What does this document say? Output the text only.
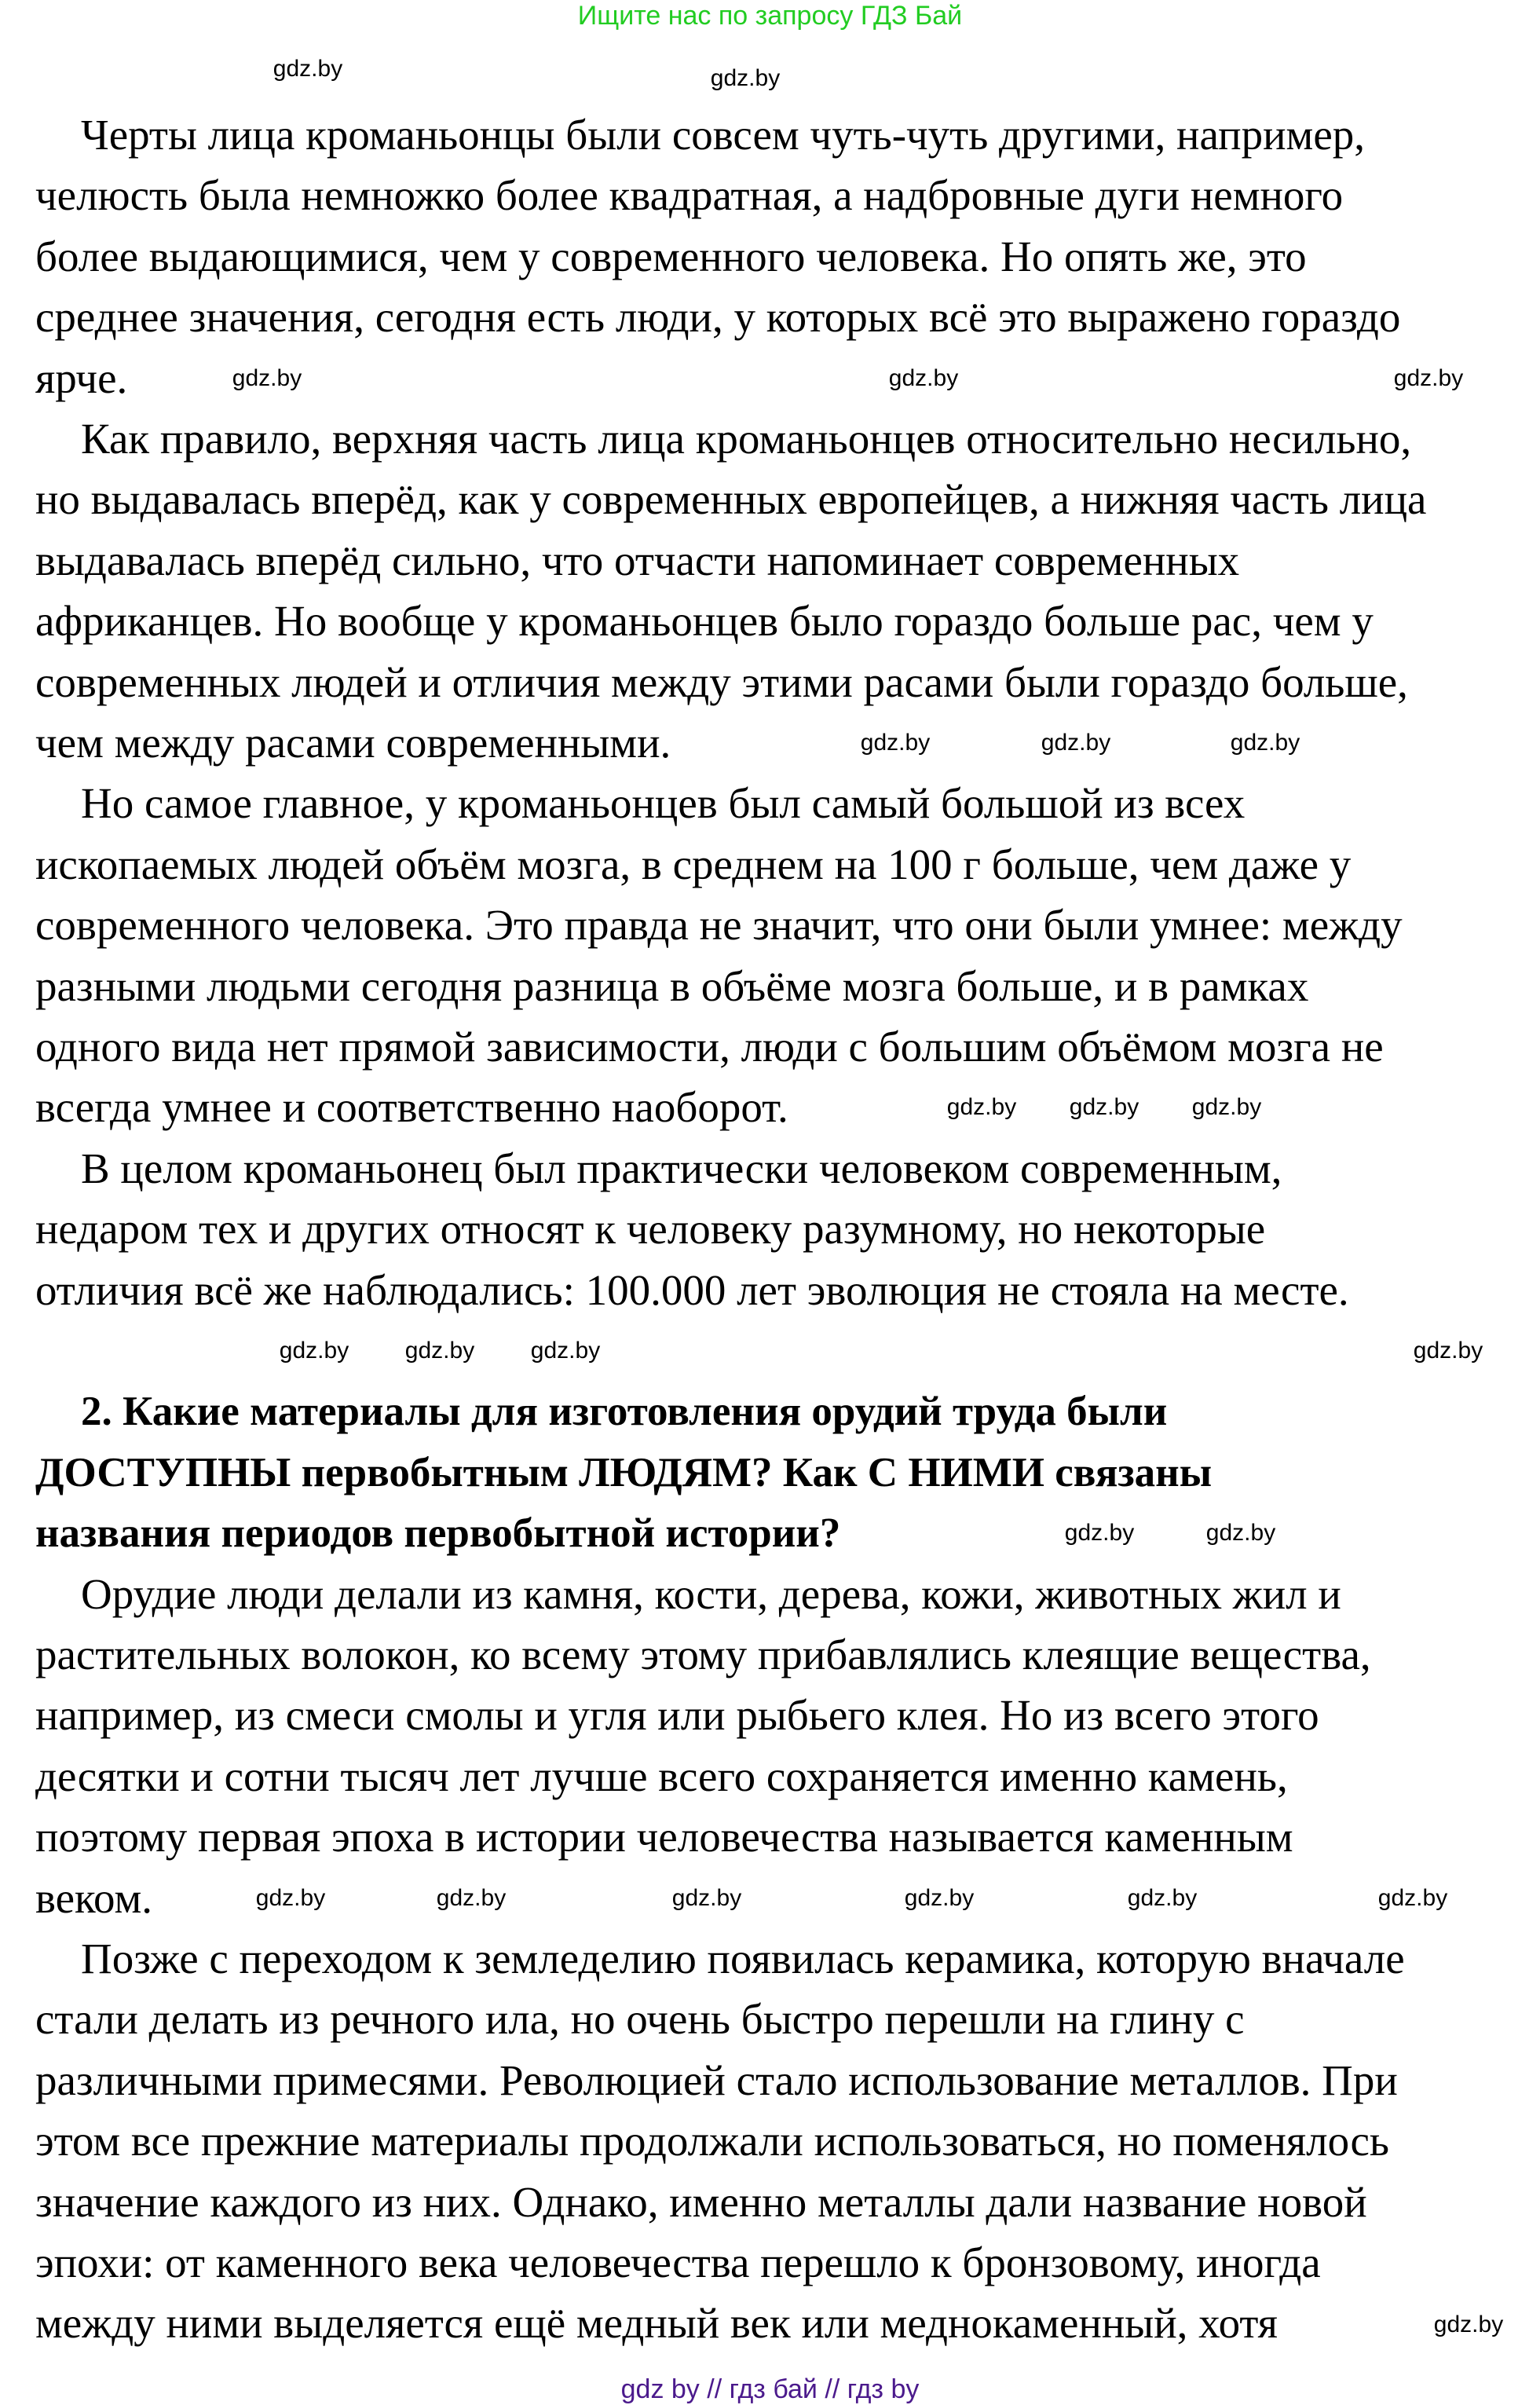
Ищите нас по запросу ГДЗ Бай
Черты лица кроманьонцы были совсем чуть-чуть другими, например,
челюсть была немножко более квадратная, а надбровные дуги немного
более выдающимися, чем у современного человека. Но опять же, это
среднее значения, сегодня есть люди, у которых всё это выражено гораздо
ярче.
Как правило, верхняя часть лица кроманьонцев относительно несильно,
но выдавалась вперёд, как у современных европейцев, а нижняя часть лица
выдавалась вперёд сильно, что отчасти напоминает современных
африканцев. Но вообще у кроманьонцев было гораздо больше рас, чем у
современных людей и отличия между этими расами были гораздо больше,
чем между расами современными.
Но самое главное, у кроманьонцев был самый большой из всех
ископаемых людей объём мозга, в среднем на 100 г больше, чем даже у
современного человека. Это правда не значит, что они были умнее: между
разными людьми сегодня разница в объёме мозга больше, и в рамках
одного вида нет прямой зависимости, люди с большим объёмом мозга не
всегда умнее и соответственно наоборот.
В целом кроманьонец был практически человеком современным,
недаром тех и других относят к человеку разумному, но некоторые
отличия всё же наблюдались: 100.000 лет эволюция не стояла на месте.
2. Какие материалы для изготовления орудий труда были
ДОСТУПНЫ первобытным ЛЮДЯМ? Как С НИМИ связаны
названия периодов первобытной истории?
Орудие люди делали из камня, кости, дерева, кожи, животных жил и
растительных волокон, ко всему этому прибавлялись клеящие вещества,
например, из смеси смолы и угля или рыбьего клея. Но из всего этого
десятки и сотни тысяч лет лучше всего сохраняется именно камень,
поэтому первая эпоха в истории человечества называется каменным
веком.
Позже с переходом к земледелию появилась керамика, которую вначале
стали делать из речного ила, но очень быстро перешли на глину с
различными примесями. Революцией стало использование металлов. При
этом все прежние материалы продолжали использоваться, но поменялось
значение каждого из них. Однако, именно металлы дали название новой
эпохи: от каменного века человечества перешло к бронзовому, иногда
между ними выделяется ещё медный век или меднокаменный, хотя
gdz.by	gdz.by
gdz.by
gdz.by
gdz.by
gdz.by
gdz.by	gdz.by
gdz.by	gdz.by
gdz.by
gdz.by
gdz.by	gdz.by
gdz.by
gdz.by	gdz.by
gdz.by
gdz.by
gdz.by	gdz.by
gdz.by
gdz.by
gdz.by
gdz by // гдз бай // гдз by
